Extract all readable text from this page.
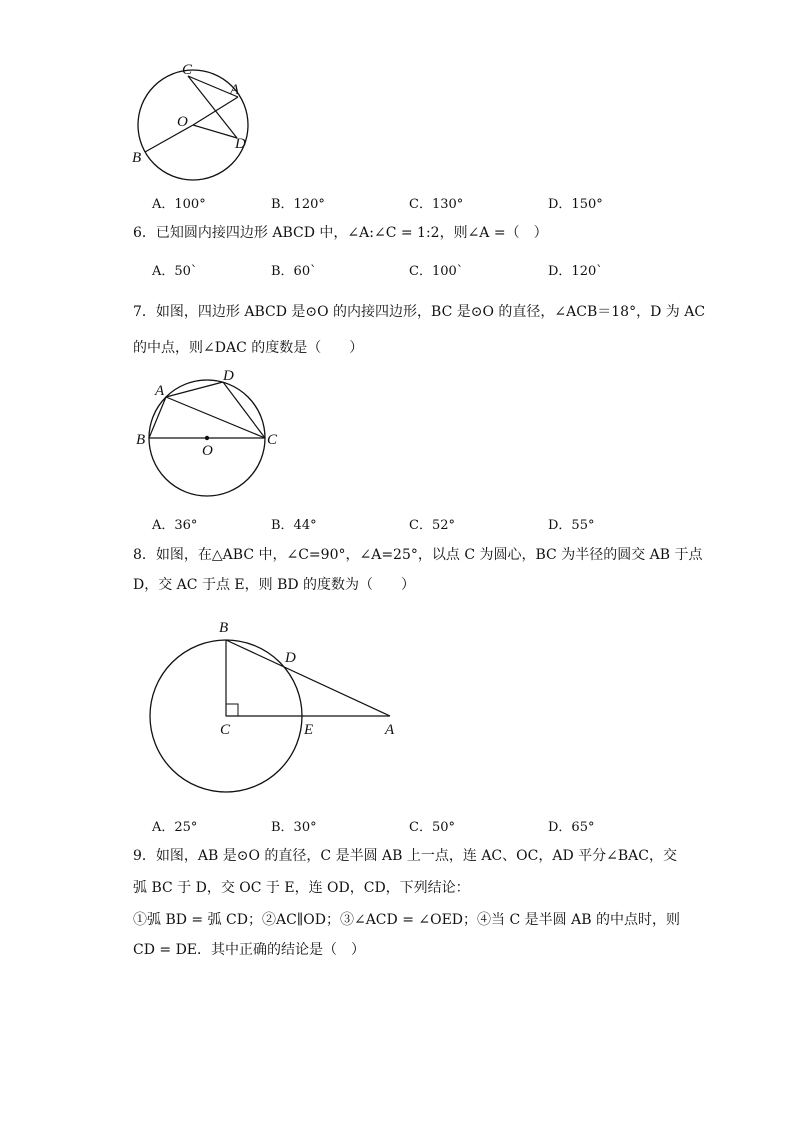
C
A
O
D
B
A．100°	B．120°	C．130°	D．150°
6．已知圆内接四边形 ABCD 中，∠A:∠C = 1:2，则∠A =（　）
A．50ˋ	B．60ˋ	C．100ˋ	D．120ˋ
7．如图，四边形 ABCD 是⊙O 的内接四边形，BC 是⊙O 的直径，∠ACB＝18°，D 为 AC
的中点，则∠DAC 的度数是（　　）
A
D
B	C
O
A．36°	B．44°	C．52°	D．55°
8．如图，在△ABC 中，∠C=90°，∠A=25°，以点 C 为圆心，BC 为半径的圆交 AB 于点
D，交 AC 于点 E，则 BD 的度数为（　　）
B
D
C	E	A
A．25°	B．30°	C．50°	D．65°
9．如图，AB 是⊙O 的直径，C 是半圆 AB 上一点，连 AC、OC，AD 平分∠BAC，交
弧 BC 于 D，交 OC 于 E，连 OD，CD，下列结论：
①弧 BD = 弧 CD；②AC∥OD；③∠ACD = ∠OED；④当 C 是半圆 AB 的中点时，则
CD = DE．其中正确的结论是（　）
